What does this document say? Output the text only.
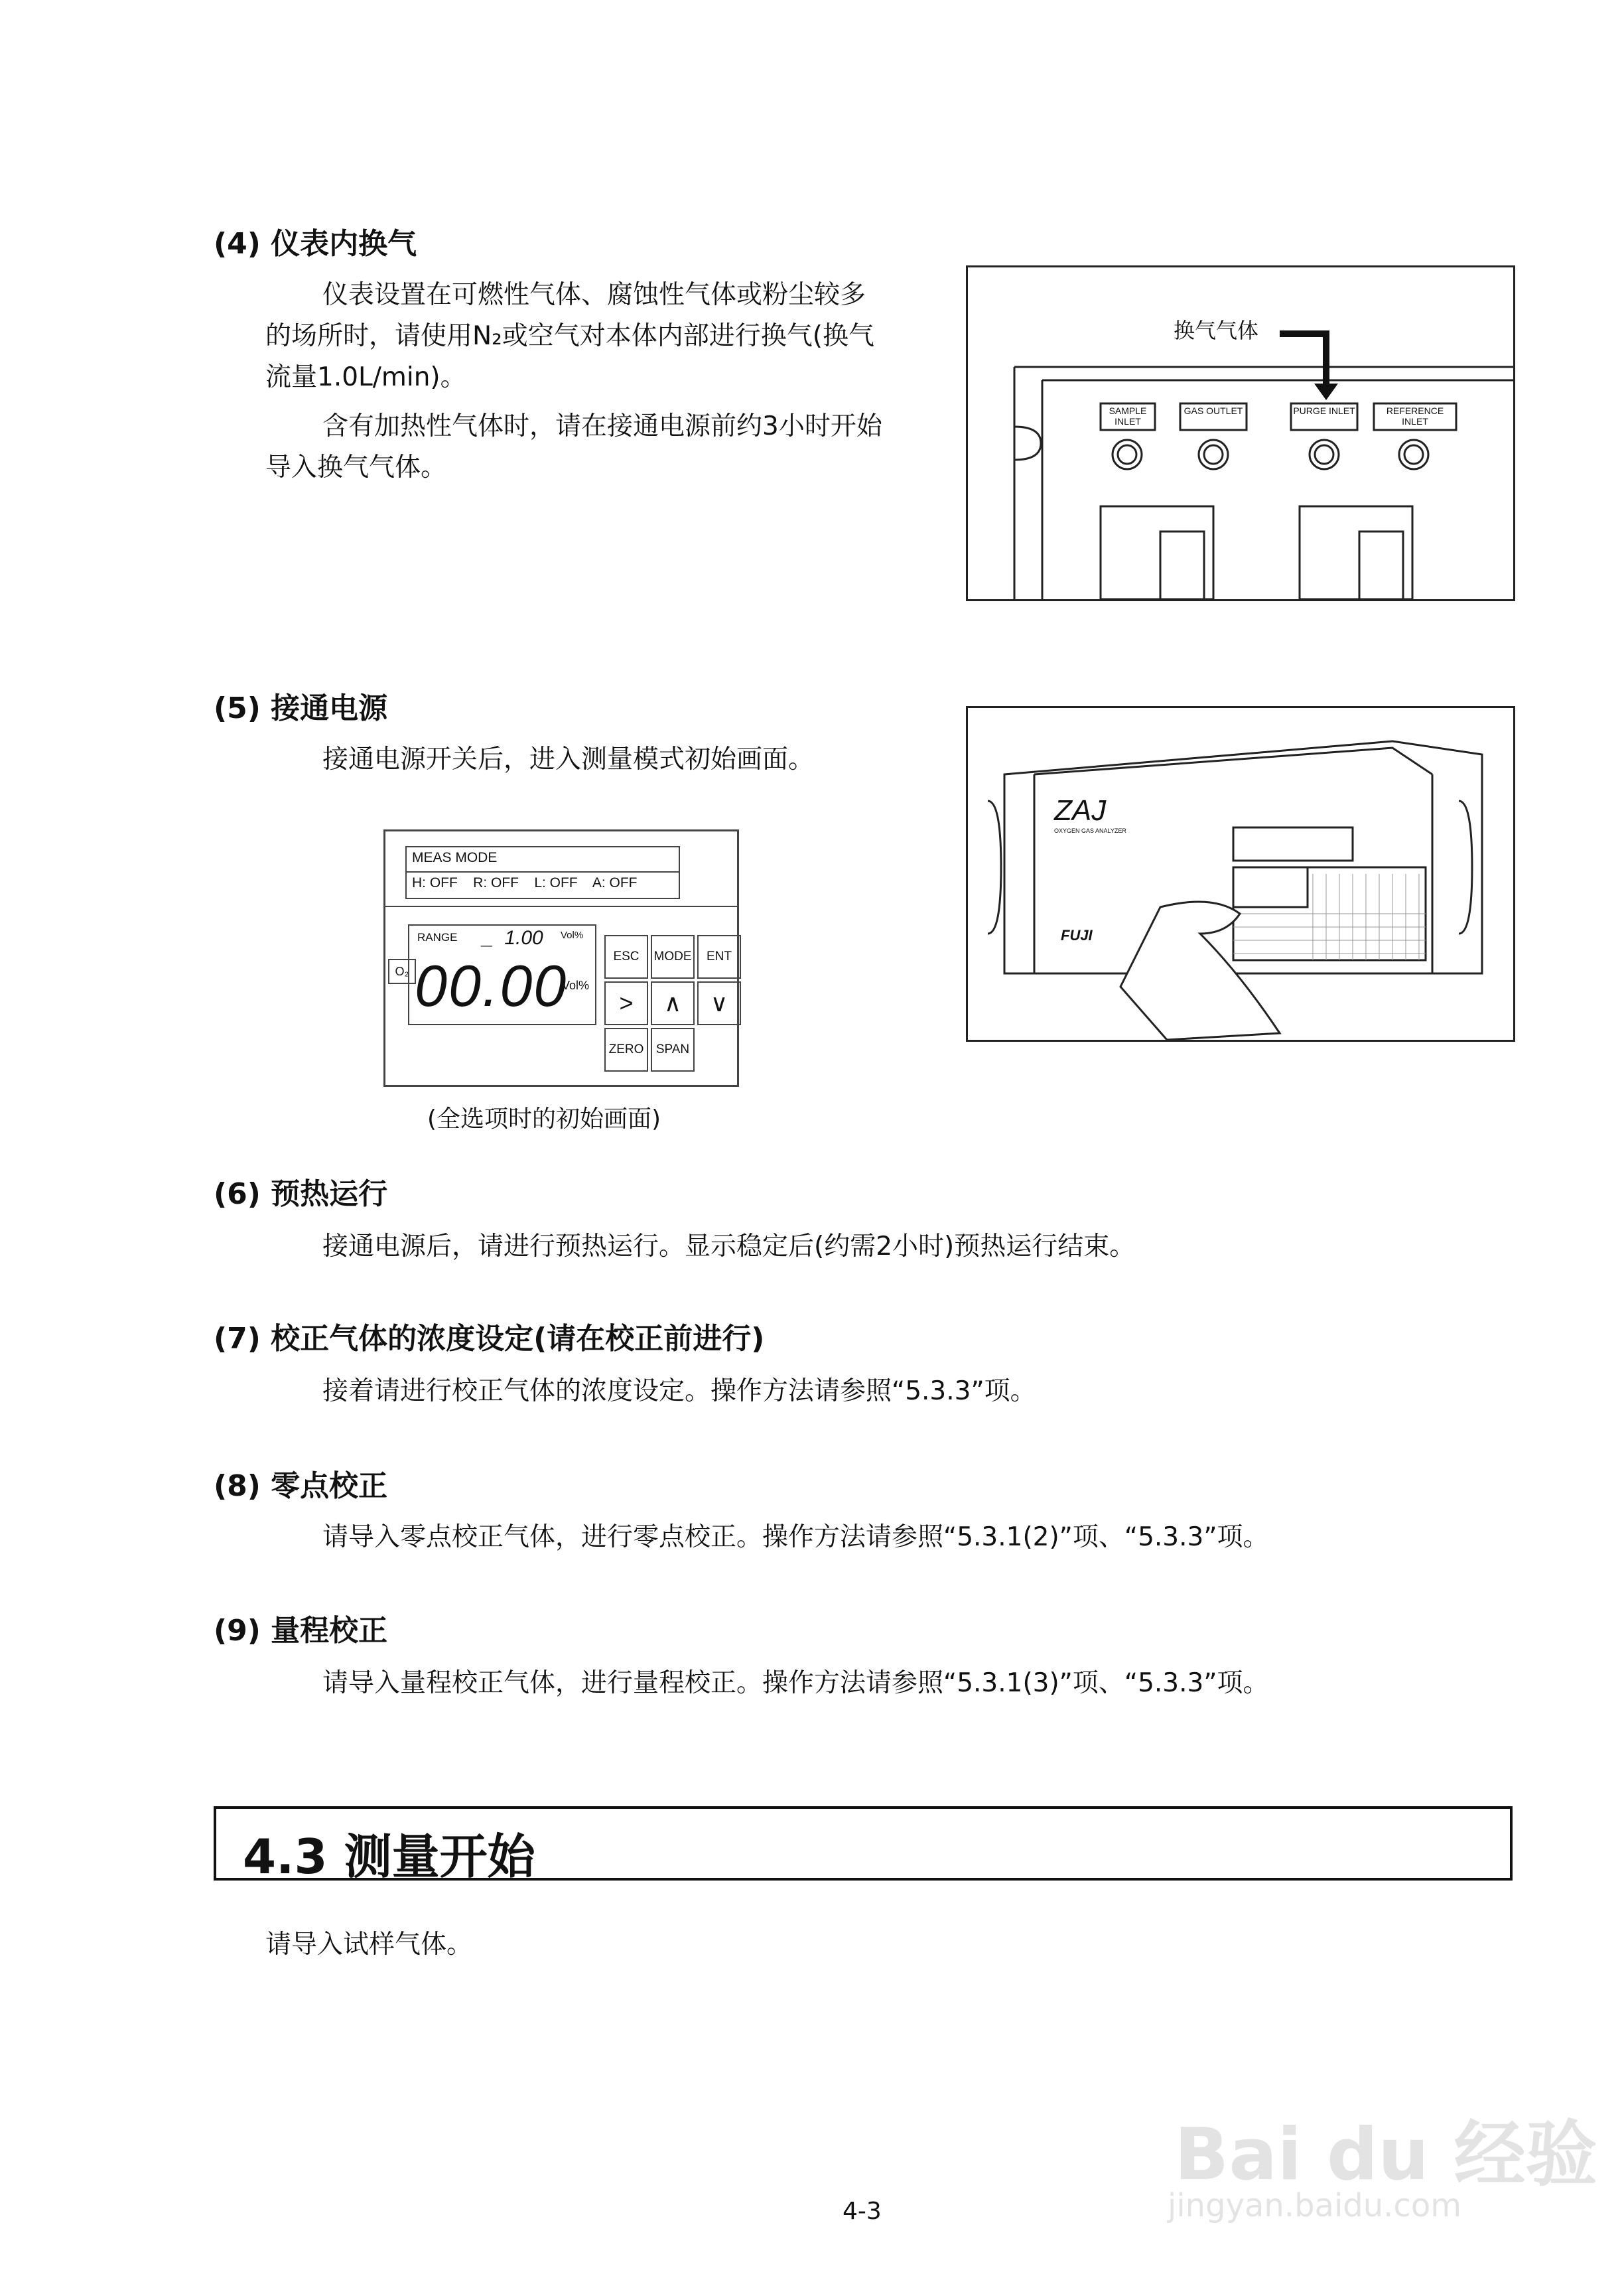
(4) 仪表内换气
仪表设置在可燃性气体、腐蚀性气体或粉尘较多
的场所时，请使用N₂或空气对本体内部进行换气(换气
流量1.0L/min)。
含有加热性气体时，请在接通电源前约3小时开始
导入换气气体。
换气气体
SAMPLE INLET
GAS OUTLET	PURGE INLET	REFERENCE INLET
(5) 接通电源
接通电源开关后，进入测量模式初始画面。
MEAS MODE
H: OFF    R: OFF    L: OFF    A: OFF
O₂
RANGE _  1.00 Vol%
00.00
Vol%
ESC	MODE	ENT
>	∧	∨
ZERO SPAN
(全选项时的初始画面)
ZAJ
OXYGEN GAS ANALYZER
FUJI
(6) 预热运行
接通电源后，请进行预热运行。显示稳定后(约需2小时)预热运行结束。
(7) 校正气体的浓度设定(请在校正前进行)
接着请进行校正气体的浓度设定。操作方法请参照“5.3.3”项。
(8) 零点校正
请导入零点校正气体，进行零点校正。操作方法请参照“5.3.1(2)”项、“5.3.3”项。
(9) 量程校正
请导入量程校正气体，进行量程校正。操作方法请参照“5.3.1(3)”项、“5.3.3”项。
4.3 测量开始
请导入试样气体。
Bai du 经验
jingyan.baidu.com
4-3
